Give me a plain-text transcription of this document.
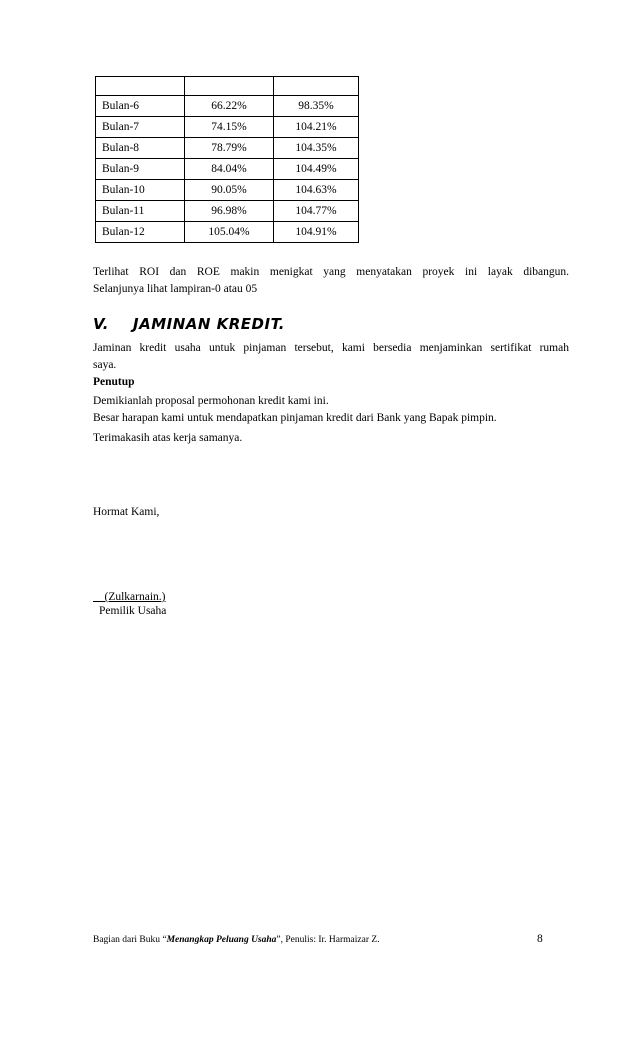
Bulan-6	66.22%	98.35%
Bulan-7	74.15%	104.21%
Bulan-8	78.79%	104.35%
Bulan-9	84.04%	104.49%
Bulan-10	90.05%	104.63%
Bulan-11	96.98%	104.77%
Bulan-12	105.04%	104.91%

Terlihat ROI dan ROE makin menigkat yang menyatakan proyek ini layak dibangun.
Selanjunya lihat lampiran-0 atau 05

V. JAMINAN KREDIT.

Jaminan kredit usaha untuk pinjaman tersebut, kami bersedia menjaminkan sertifikat rumah
saya.

Penutup

Demikianlah proposal permohonan kredit kami ini.
Besar harapan kami untuk mendapatkan pinjaman kredit dari Bank yang Bapak pimpin.

Terimakasih atas kerja samanya.

Hormat Kami,

(Zulkarnain.)
Pemilik Usaha
Bagian dari Buku “Menangkap Peluang Usaha”, Penulis: Ir. Harmaizar Z.	8
